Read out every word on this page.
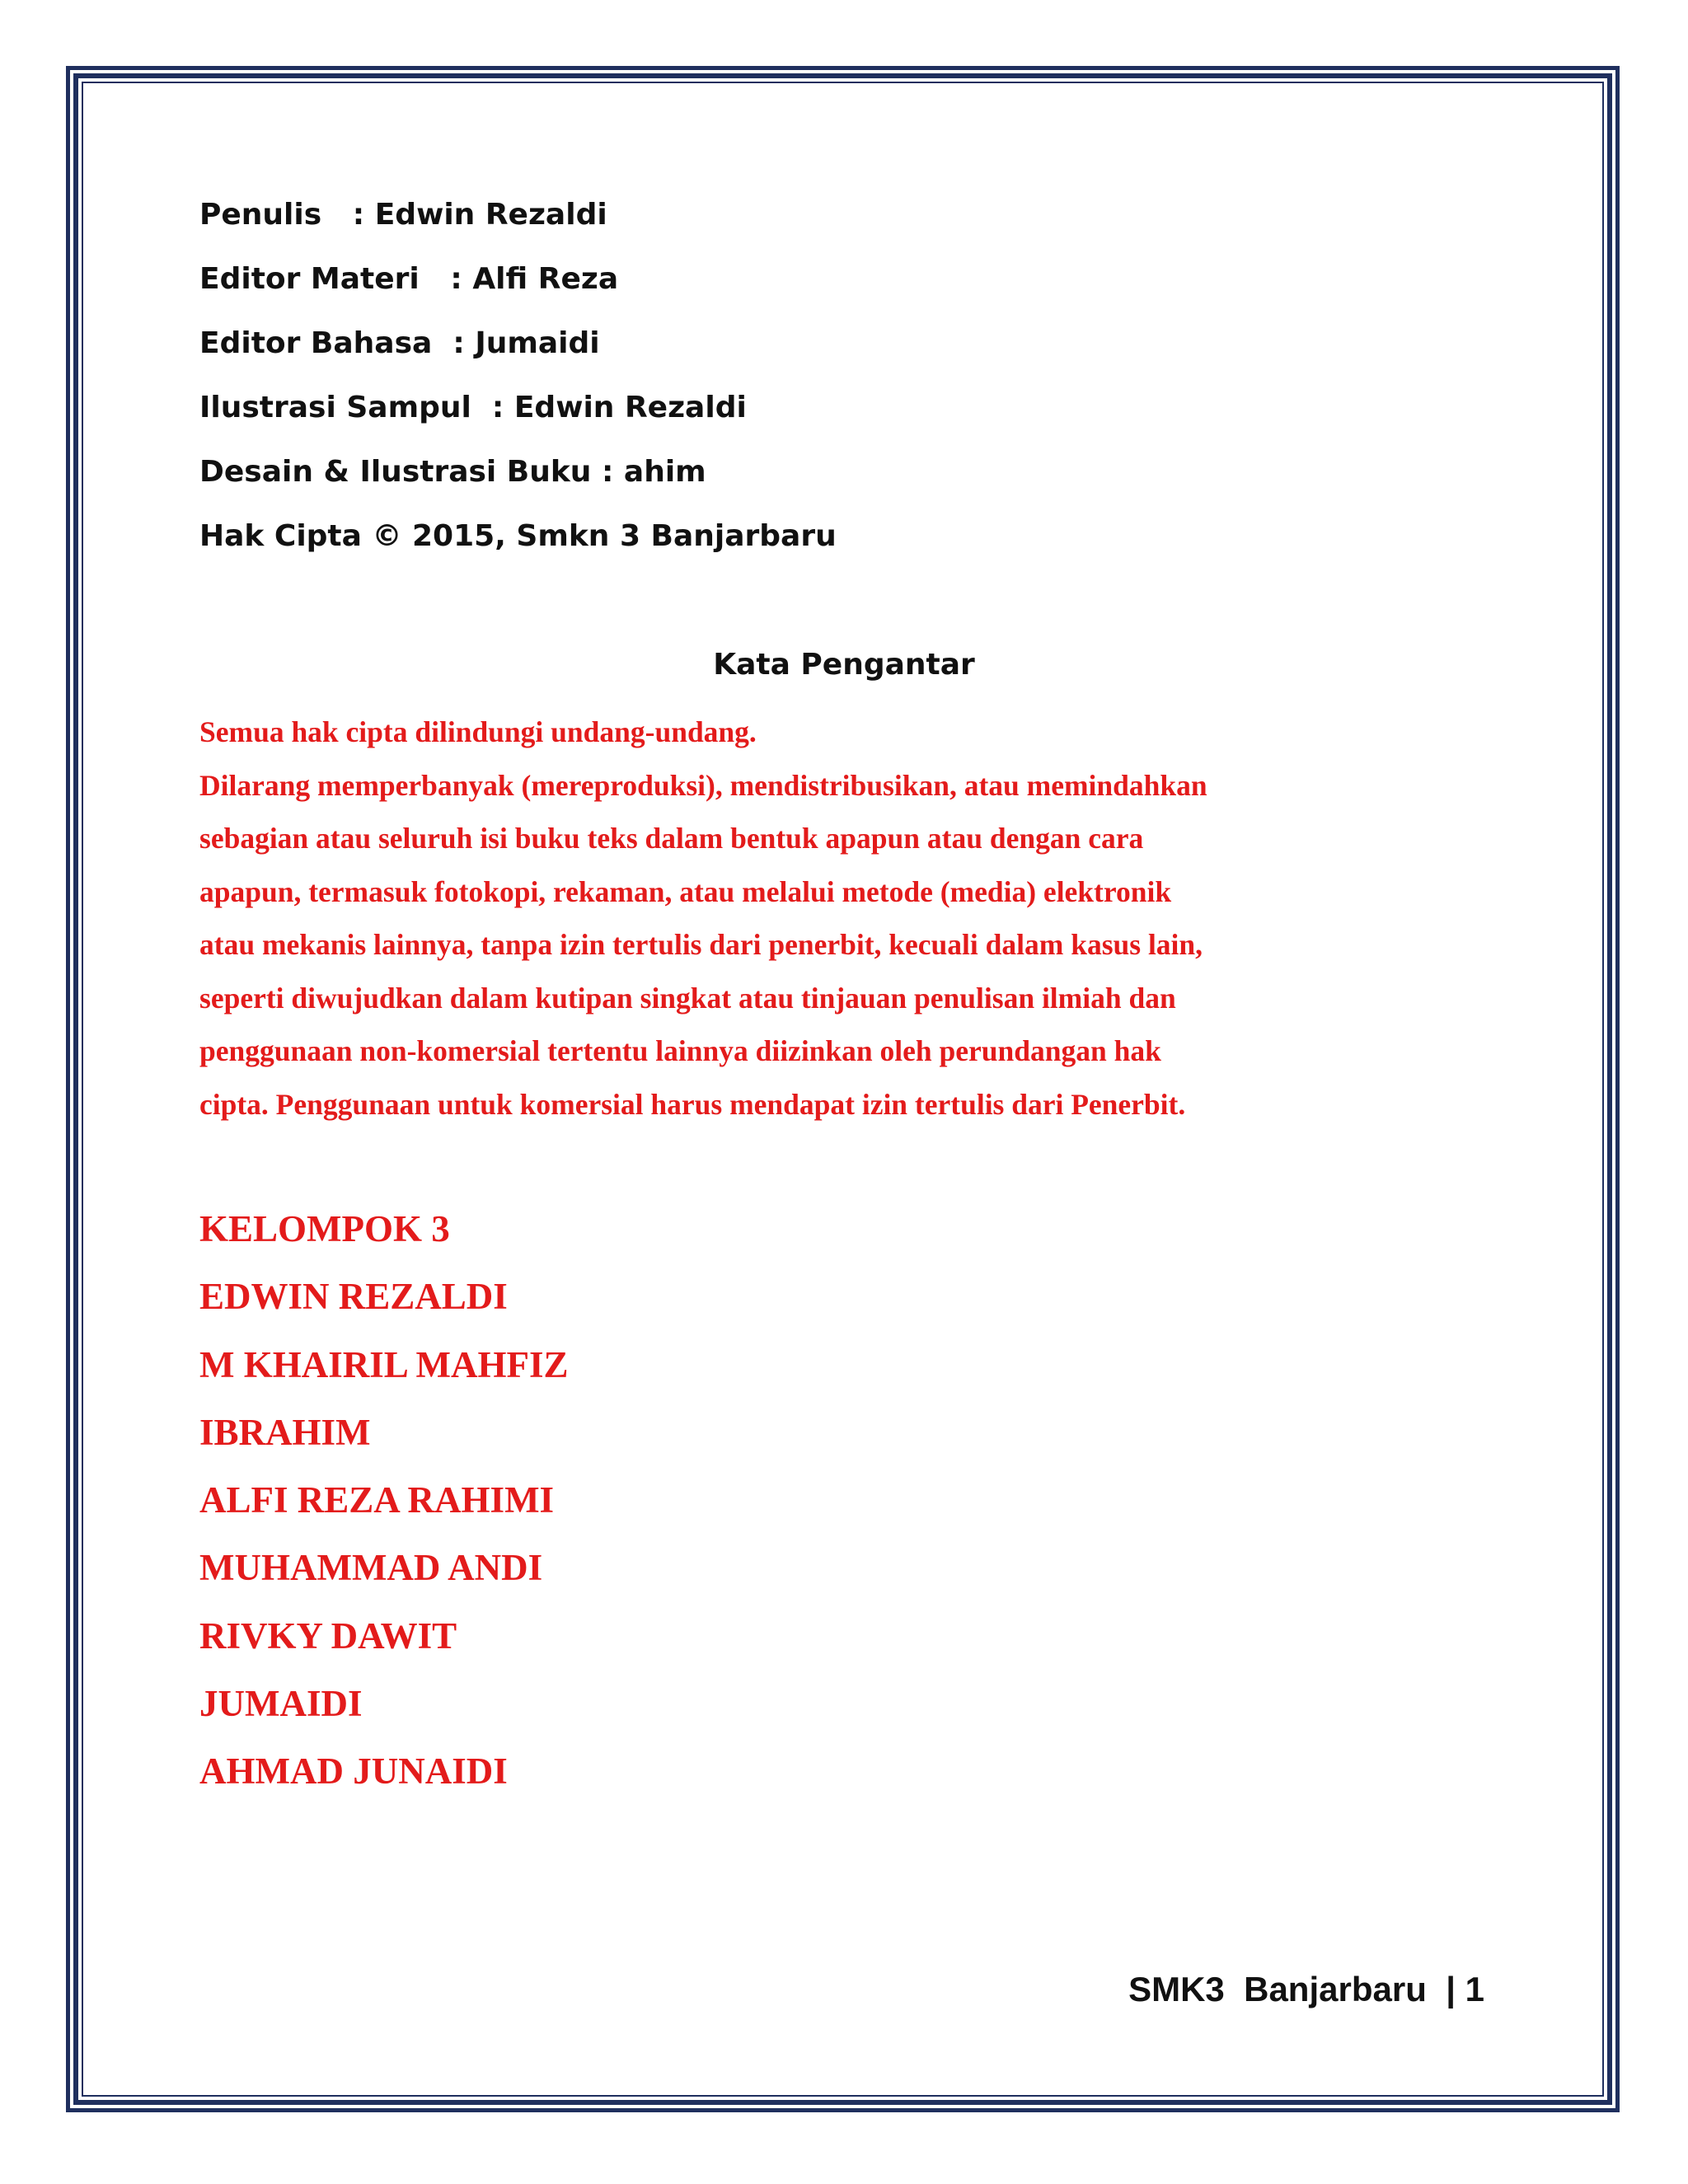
Penulis
: Edwin Rezaldi
Editor Materi
: Alfi Reza
Editor Bahasa
: Jumaidi
Ilustrasi Sampul
: Edwin Rezaldi
Desain & Ilustrasi Buku
: ahim
Hak Cipta © 2015, Smkn 3 Banjarbaru
Kata Pengantar

Semua hak cipta dilindungi undang-undang.

Dilarang memperbanyak (mereproduksi), mendistribusikan, atau memindahkan

sebagian atau seluruh isi buku teks dalam bentuk apapun atau dengan cara

apapun, termasuk fotokopi, rekaman, atau melalui metode (media) elektronik

atau mekanis lainnya, tanpa izin tertulis dari penerbit, kecuali dalam kasus lain,

seperti diwujudkan dalam kutipan singkat atau tinjauan penulisan ilmiah dan

penggunaan non-komersial tertentu lainnya diizinkan oleh perundangan hak

cipta. Penggunaan untuk komersial harus mendapat izin tertulis dari Penerbit.

KELOMPOK 3
EDWIN REZALDI
M KHAIRIL MAHFIZ
IBRAHIM
ALFI REZA RAHIMI
MUHAMMAD ANDI
RIVKY DAWIT
JUMAIDI
AHMAD JUNAIDI
SMK3  Banjarbaru | 1
